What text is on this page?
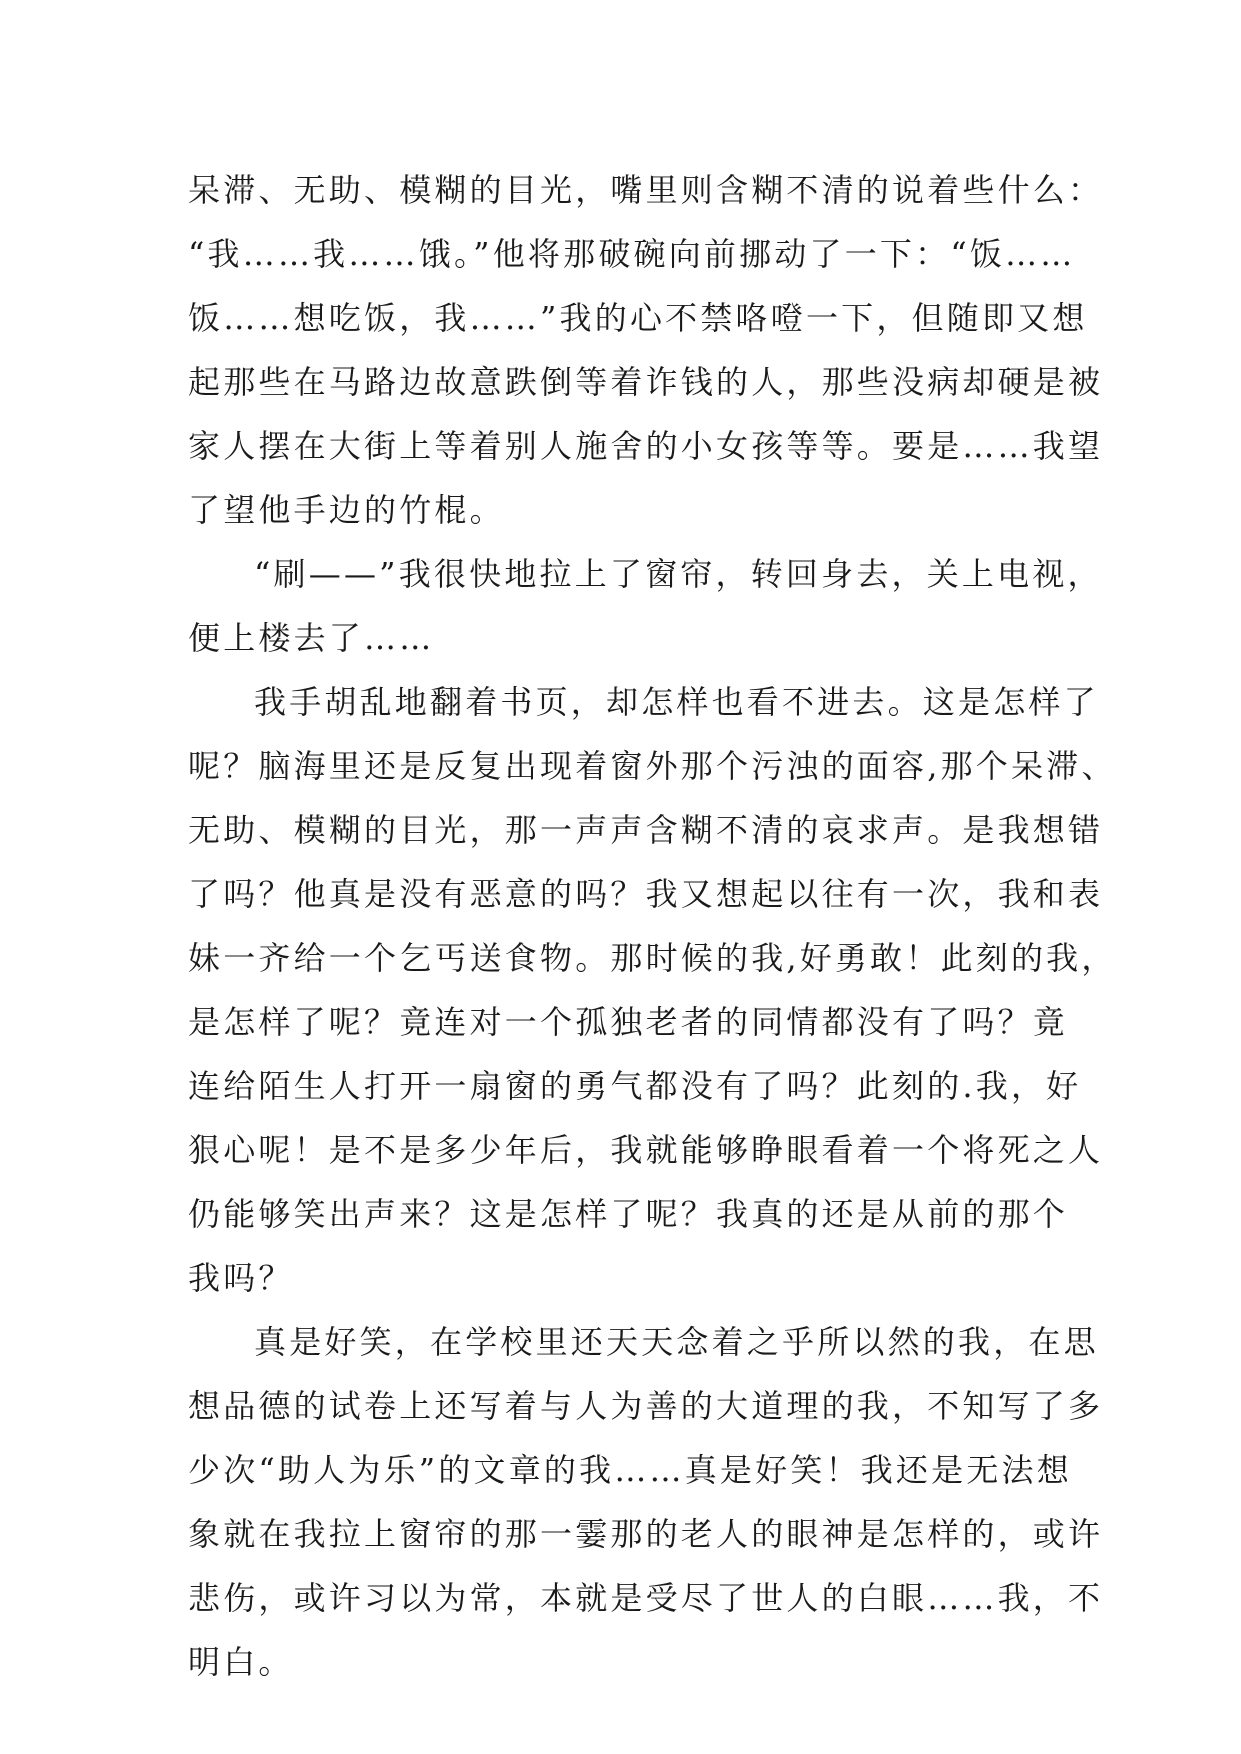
呆滞、无助、模糊的目光，嘴里则含糊不清的说着些什么：
“我……我……饿。”他将那破碗向前挪动了一下：“饭……
饭……想吃饭，我……”我的心不禁咯噔一下，但随即又想
起那些在马路边故意跌倒等着诈钱的人，那些没病却硬是被
家人摆在大街上等着别人施舍的小女孩等等。要是……我望
了望他手边的竹棍。
“刷——”我很快地拉上了窗帘，转回身去，关上电视，
便上楼去了……
我手胡乱地翻着书页，却怎样也看不进去。这是怎样了
呢？脑海里还是反复出现着窗外那个污浊的面容,那个呆滞、
无助、模糊的目光，那一声声含糊不清的哀求声。是我想错
了吗？他真是没有恶意的吗？我又想起以往有一次，我和表
妹一齐给一个乞丐送食物。那时候的我,好勇敢！此刻的我，
是怎样了呢？竟连对一个孤独老者的同情都没有了吗？竟
连给陌生人打开一扇窗的勇气都没有了吗？此刻的.我，好
狠心呢！是不是多少年后，我就能够睁眼看着一个将死之人
仍能够笑出声来？这是怎样了呢？我真的还是从前的那个
我吗？
真是好笑，在学校里还天天念着之乎所以然的我，在思
想品德的试卷上还写着与人为善的大道理的我，不知写了多
少次“助人为乐”的文章的我……真是好笑！我还是无法想
象就在我拉上窗帘的那一霎那的老人的眼神是怎样的，或许
悲伤，或许习以为常，本就是受尽了世人的白眼……我，不
明白。
